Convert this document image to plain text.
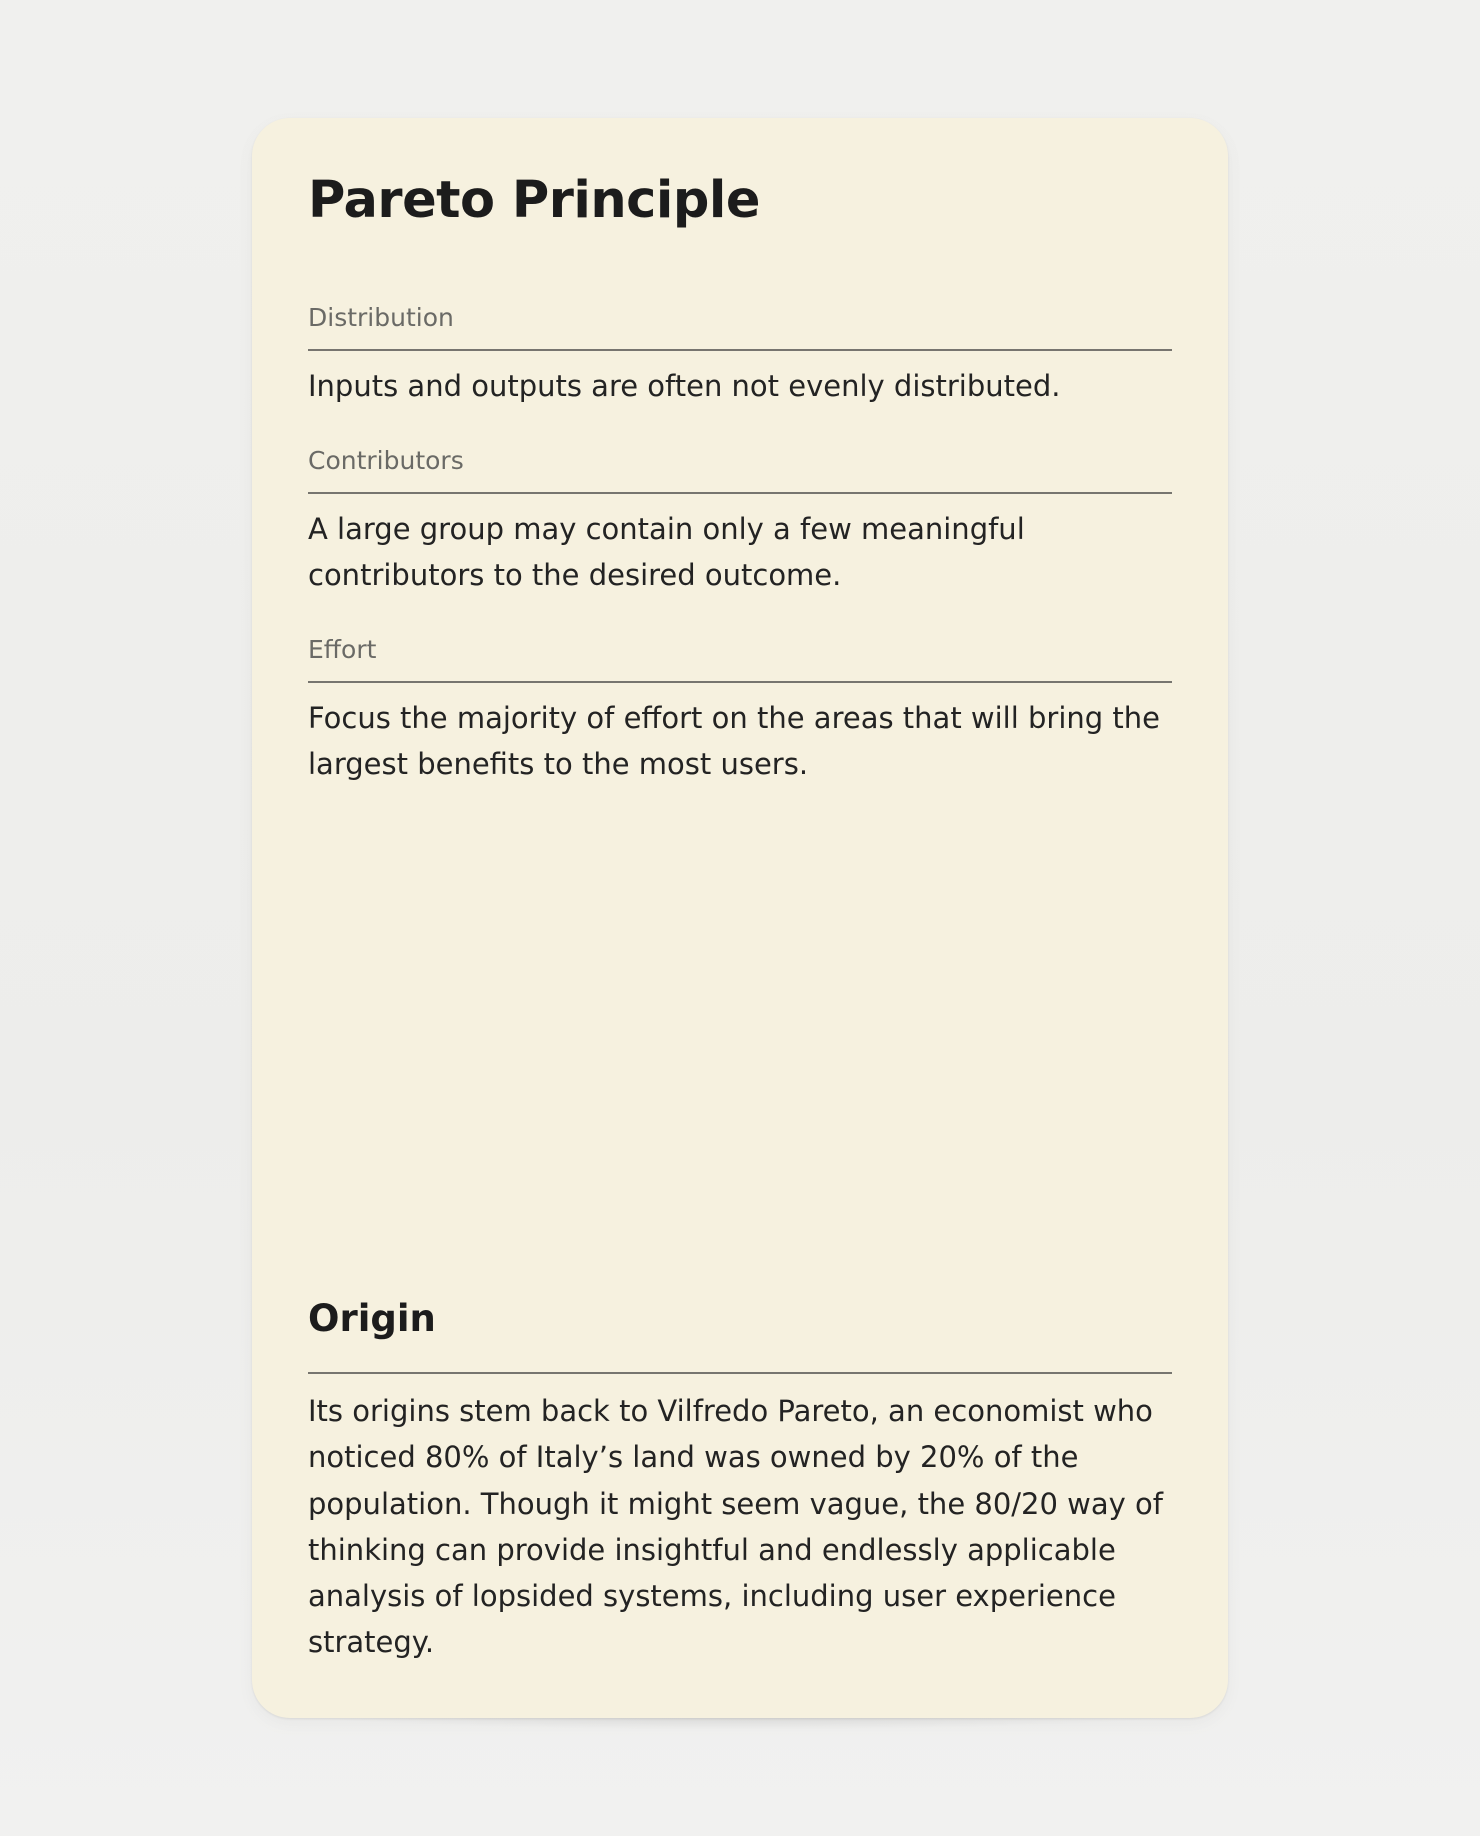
Pareto Principle
Distribution
Inputs and outputs are often not evenly distributed.
Contributors
A large group may contain only a few meaningful contributors to the desired outcome.
Effort
Focus the majority of effort on the areas that will bring the largest benefits to the most users.
Origin
Its origins stem back to Vilfredo Pareto, an economist who noticed 80% of Italy’s land was owned by 20% of the population. Though it might seem vague, the 80/20 way of thinking can provide insightful and endlessly applicable analysis of lopsided systems, including user experience strategy.
